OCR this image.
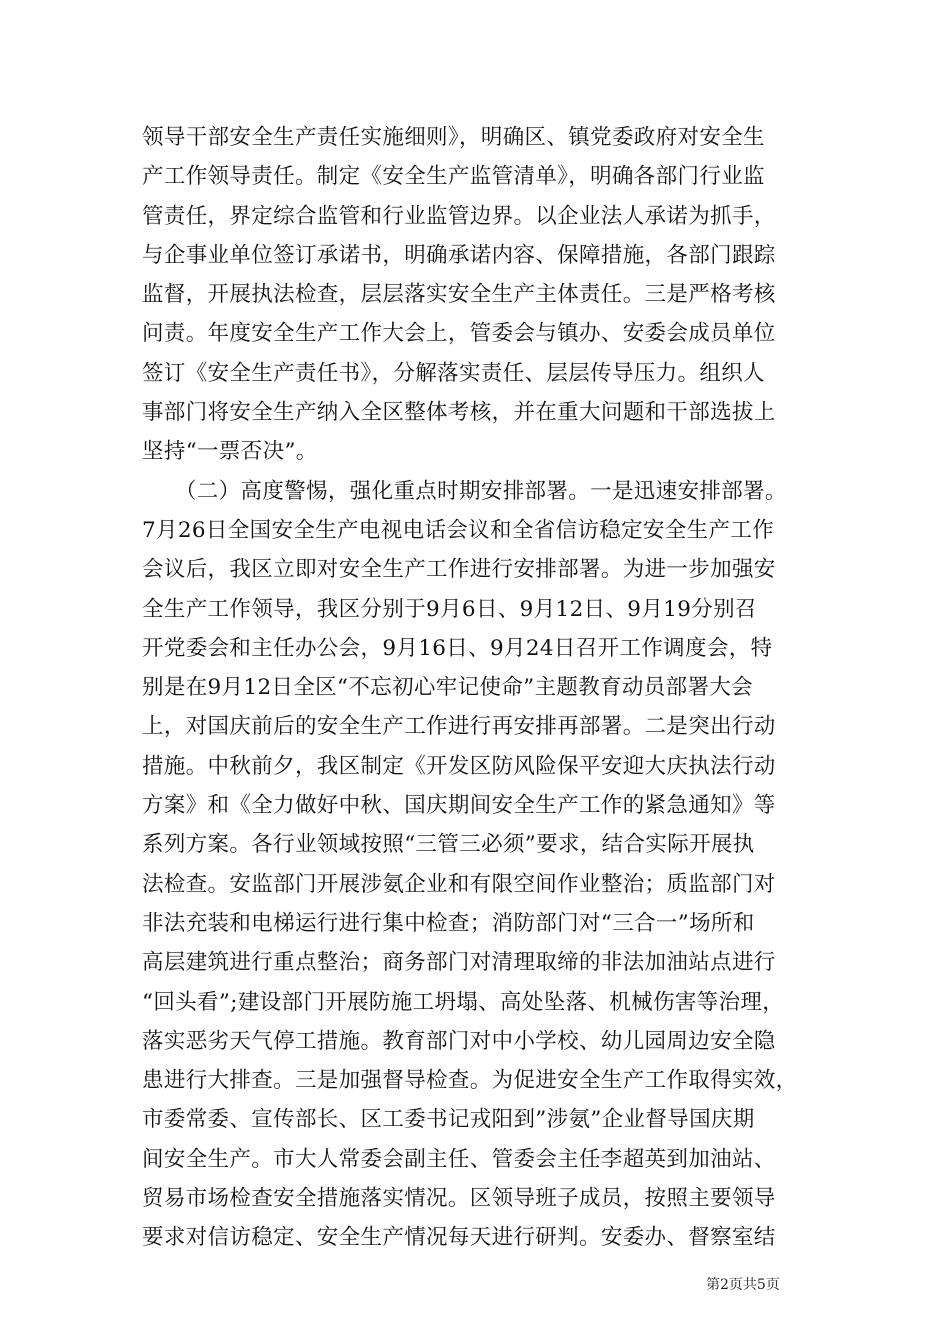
领导干部安全生产责任实施细则》，明确区、镇党委政府对安全生
产工作领导责任。制定《安全生产监管清单》，明确各部门行业监
管责任，界定综合监管和行业监管边界。以企业法人承诺为抓手，
与企事业单位签订承诺书，明确承诺内容、保障措施，各部门跟踪
监督，开展执法检查，层层落实安全生产主体责任。三是严格考核
问责。年度安全生产工作大会上，管委会与镇办、安委会成员单位
签订《安全生产责任书》，分解落实责任、层层传导压力。组织人
事部门将安全生产纳入全区整体考核，并在重大问题和干部选拔上
坚持“一票否决”。
　　（二）高度警惕，强化重点时期安排部署。一是迅速安排部署。
7月26日全国安全生产电视电话会议和全省信访稳定安全生产工作
会议后，我区立即对安全生产工作进行安排部署。为进一步加强安
全生产工作领导，我区分别于9月6日、9月12日、9月19分别召
开党委会和主任办公会，9月16日、9月24日召开工作调度会，特
别是在9月12日全区“不忘初心牢记使命”主题教育动员部署大会
上，对国庆前后的安全生产工作进行再安排再部署。二是突出行动
措施。中秋前夕，我区制定《开发区防风险保平安迎大庆执法行动
方案》和《全力做好中秋、国庆期间安全生产工作的紧急通知》等
系列方案。各行业领域按照“三管三必须”要求，结合实际开展执
法检查。安监部门开展涉氨企业和有限空间作业整治；质监部门对
非法充装和电梯运行进行集中检查；消防部门对“三合一”场所和
高层建筑进行重点整治；商务部门对清理取缔的非法加油站点进行
“回头看”;建设部门开展防施工坍塌、高处坠落、机械伤害等治理，
落实恶劣天气停工措施。教育部门对中小学校、幼儿园周边安全隐
患进行大排查。三是加强督导检查。为促进安全生产工作取得实效，
市委常委、宣传部长、区工委书记戎阳到”涉氨”企业督导国庆期
间安全生产。市大人常委会副主任、管委会主任李超英到加油站、
贸易市场检查安全措施落实情况。区领导班子成员，按照主要领导
要求对信访稳定、安全生产情况每天进行研判。安委办、督察室结
第2页共5页
